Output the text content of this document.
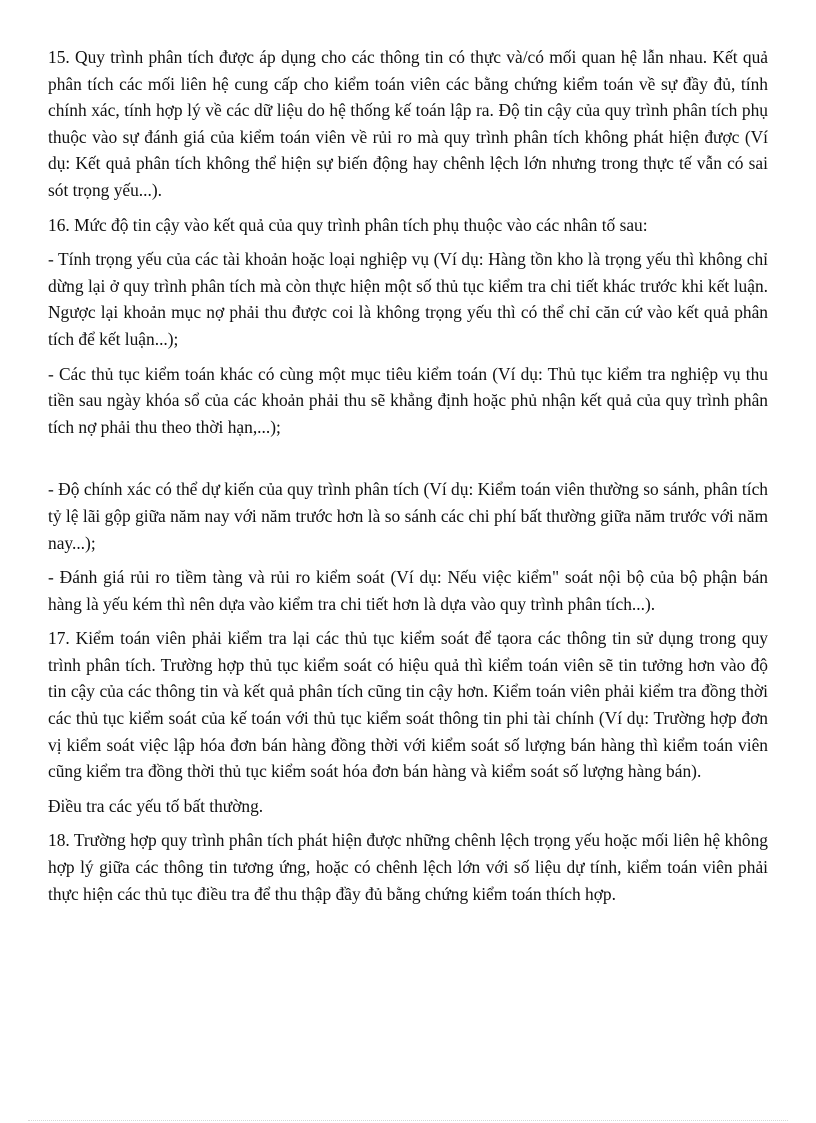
15. Quy trình phân tích được áp dụng cho các thông tin có thực và/có mối quan hệ lẫn nhau. Kết quả phân tích các mối liên hệ cung cấp cho kiểm toán viên các bằng chứng kiểm toán về sự đầy đủ, tính chính xác, tính hợp lý về các dữ liệu do hệ thống kế toán lập ra. Độ tin cậy của quy trình phân tích phụ thuộc vào sự đánh giá của kiểm toán viên về rủi ro mà quy trình phân tích không phát hiện được (Ví dụ: Kết quả phân tích không thể hiện sự biến động hay chênh lệch lớn nhưng trong thực tế vẫn có sai sót trọng yếu...).

16. Mức độ tin cậy vào kết quả của quy trình phân tích phụ thuộc vào các nhân tố sau:

- Tính trọng yếu của các tài khoản hoặc loại nghiệp vụ (Ví dụ: Hàng tồn kho là trọng yếu thì không chỉ dừng lại ở quy trình phân tích mà còn thực hiện một số thủ tục kiểm tra chi tiết khác trước khi kết luận. Ngược lại khoản mục nợ phải thu được coi là không trọng yếu thì có thể chỉ căn cứ vào kết quả phân tích để kết luận...);

- Các thủ tục kiểm toán khác có cùng một mục tiêu kiểm toán (Ví dụ: Thủ tục kiểm tra nghiệp vụ thu tiền sau ngày khóa sổ của các khoản phải thu sẽ khẳng định hoặc phủ nhận kết quả của quy trình phân tích nợ phải thu theo thời hạn,...);

- Độ chính xác có thể dự kiến của quy trình phân tích (Ví dụ: Kiểm toán viên thường so sánh, phân tích tỷ lệ lãi gộp giữa năm nay với năm trước hơn là so sánh các chi phí bất thường giữa năm trước với năm nay...);

- Đánh giá rủi ro tiềm tàng và rủi ro kiểm soát (Ví dụ: Nếu việc kiểm" soát nội bộ của bộ phận bán hàng là yếu kém thì nên dựa vào kiểm tra chi tiết hơn là dựa vào quy trình phân tích...).

17. Kiểm toán viên phải kiểm tra lại các thủ tục kiểm soát để tạora các thông tin sử dụng trong quy trình phân tích. Trường hợp thủ tục kiểm soát có hiệu quả thì kiểm toán viên sẽ tin tưởng hơn vào độ tin cậy của các thông tin và kết quả phân tích cũng tin cậy hơn. Kiểm toán viên phải kiểm tra đồng thời các thủ tục kiểm soát của kế toán với thủ tục kiểm soát thông tin phi tài chính (Ví dụ: Trường hợp đơn vị kiểm soát việc lập hóa đơn bán hàng đồng thời với kiểm soát số lượng bán hàng thì kiểm toán viên cũng kiểm tra đồng thời thủ tục kiểm soát hóa đơn bán hàng và kiểm soát số lượng hàng bán).

Điều tra các yếu tố bất thường.

18. Trường hợp quy trình phân tích phát hiện được những chênh lệch trọng yếu hoặc mối liên hệ không hợp lý giữa các thông tin tương ứng, hoặc có chênh lệch lớn với số liệu dự tính, kiểm toán viên phải thực hiện các thủ tục điều tra để thu thập đầy đủ bằng chứng kiểm toán thích hợp.
